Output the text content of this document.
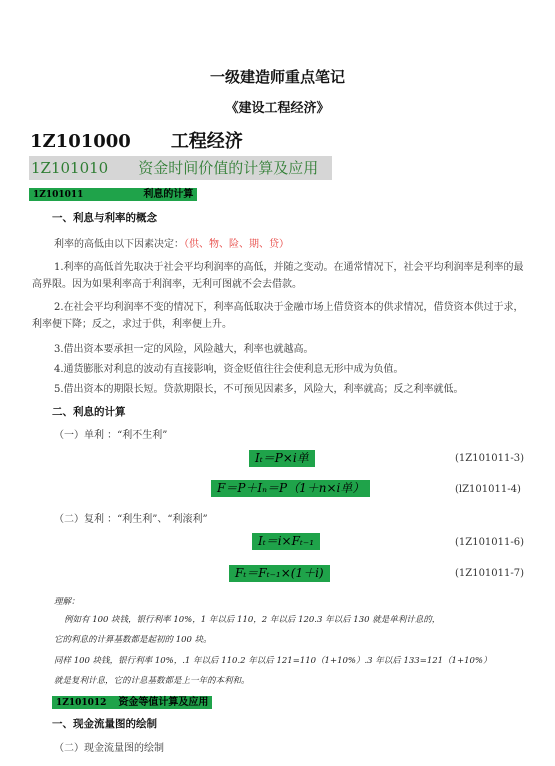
一级建造师重点笔记
《建设工程经济》
1Z101000 工程经济
1Z101010 资金时间价值的计算及应用
1Z101011	利息的计算
一、利息与利率的概念
利率的高低由以下因素决定：（供、物、险、期、贷）
1.利率的高低首先取决于社会平均利润率的高低，并随之变动。在通常情况下，社会平均利润率是利率的最高界限。因为如果利率高于利润率，无利可图就不会去借款。
2.在社会平均利润率不变的情况下，利率高低取决于金融市场上借贷资本的供求情况，借贷资本供过于求，利率便下降；反之，求过于供，利率便上升。
3.借出资本要承担一定的风险，风险越大，利率也就越高。
4.通货膨胀对利息的波动有直接影响，资金贬值往往会使利息无形中成为负值。
5.借出资本的期限长短。贷款期限长，不可预见因素多，风险大，利率就高；反之利率就低。
二、利息的计算
（一）单利 ：“利不生利”
Iₜ＝P×i单	(1Z101011-3)
F＝P＋Iₙ＝P（1＋n×i单）	(lZ101011-4)
（二）复利 ：“利生利”、“利滚利”
Iₜ＝i×Fₜ₋₁	(1Z101011-6)
Fₜ＝Fₜ₋₁×(1＋i)	(1Z101011-7)
理解：
例如有 100 块钱，银行利率 10%，1 年以后 110，2 年以后 120.3 年以后 130 就是单利计息的，
它的利息的计算基数都是起初的 100 块。
同样 100 块钱，银行利率 10%，.1 年以后 110.2 年以后 121=110（1+10%）.3 年以后 133=121（1+10%）
就是复利计息，它的计息基数都是上一年的本利和。
1Z101012 资金等值计算及应用
一、现金流量图的绘制
（二）现金流量图的绘制
